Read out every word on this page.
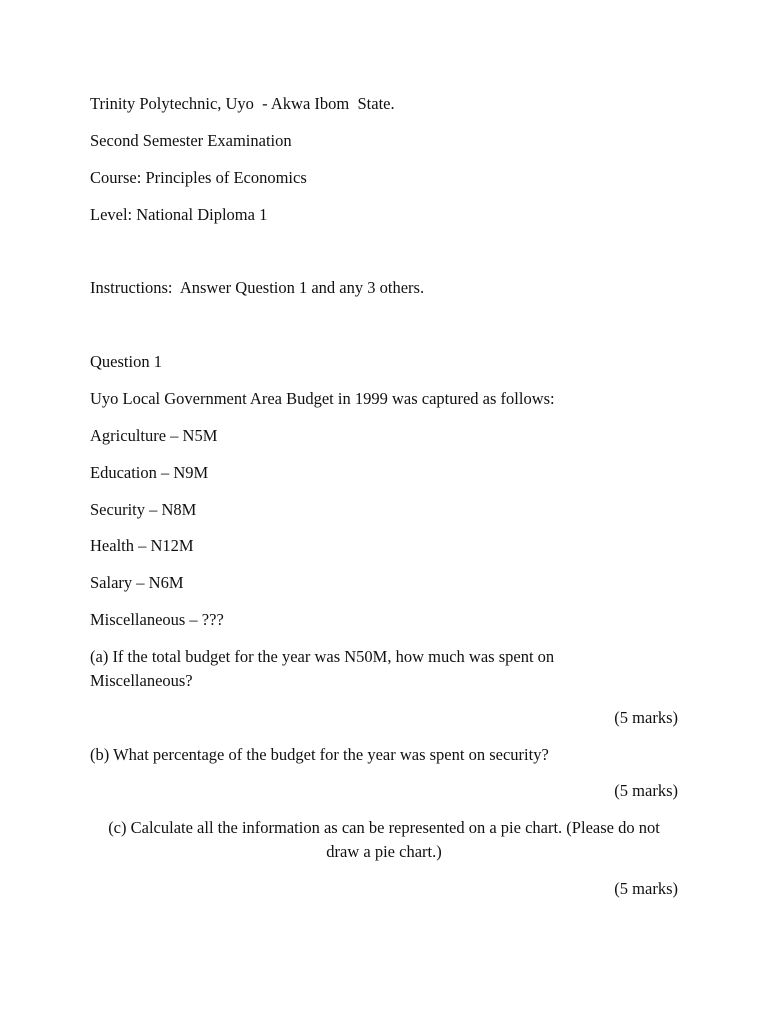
Trinity Polytechnic, Uyo  - Akwa Ibom  State.
Second Semester Examination
Course: Principles of Economics
Level: National Diploma 1
Instructions:  Answer Question 1 and any 3 others.
Question 1
Uyo Local Government Area Budget in 1999 was captured as follows:
Agriculture – N5M
Education – N9M
Security – N8M
Health – N12M
Salary – N6M
Miscellaneous – ???
(a) If the total budget for the year was N50M, how much was spent on Miscellaneous?
(5 marks)
(b) What percentage of the budget for the year was spent on security?
(5 marks)
(c) Calculate all the information as can be represented on a pie chart. (Please do not draw a pie chart.)
(5 marks)
